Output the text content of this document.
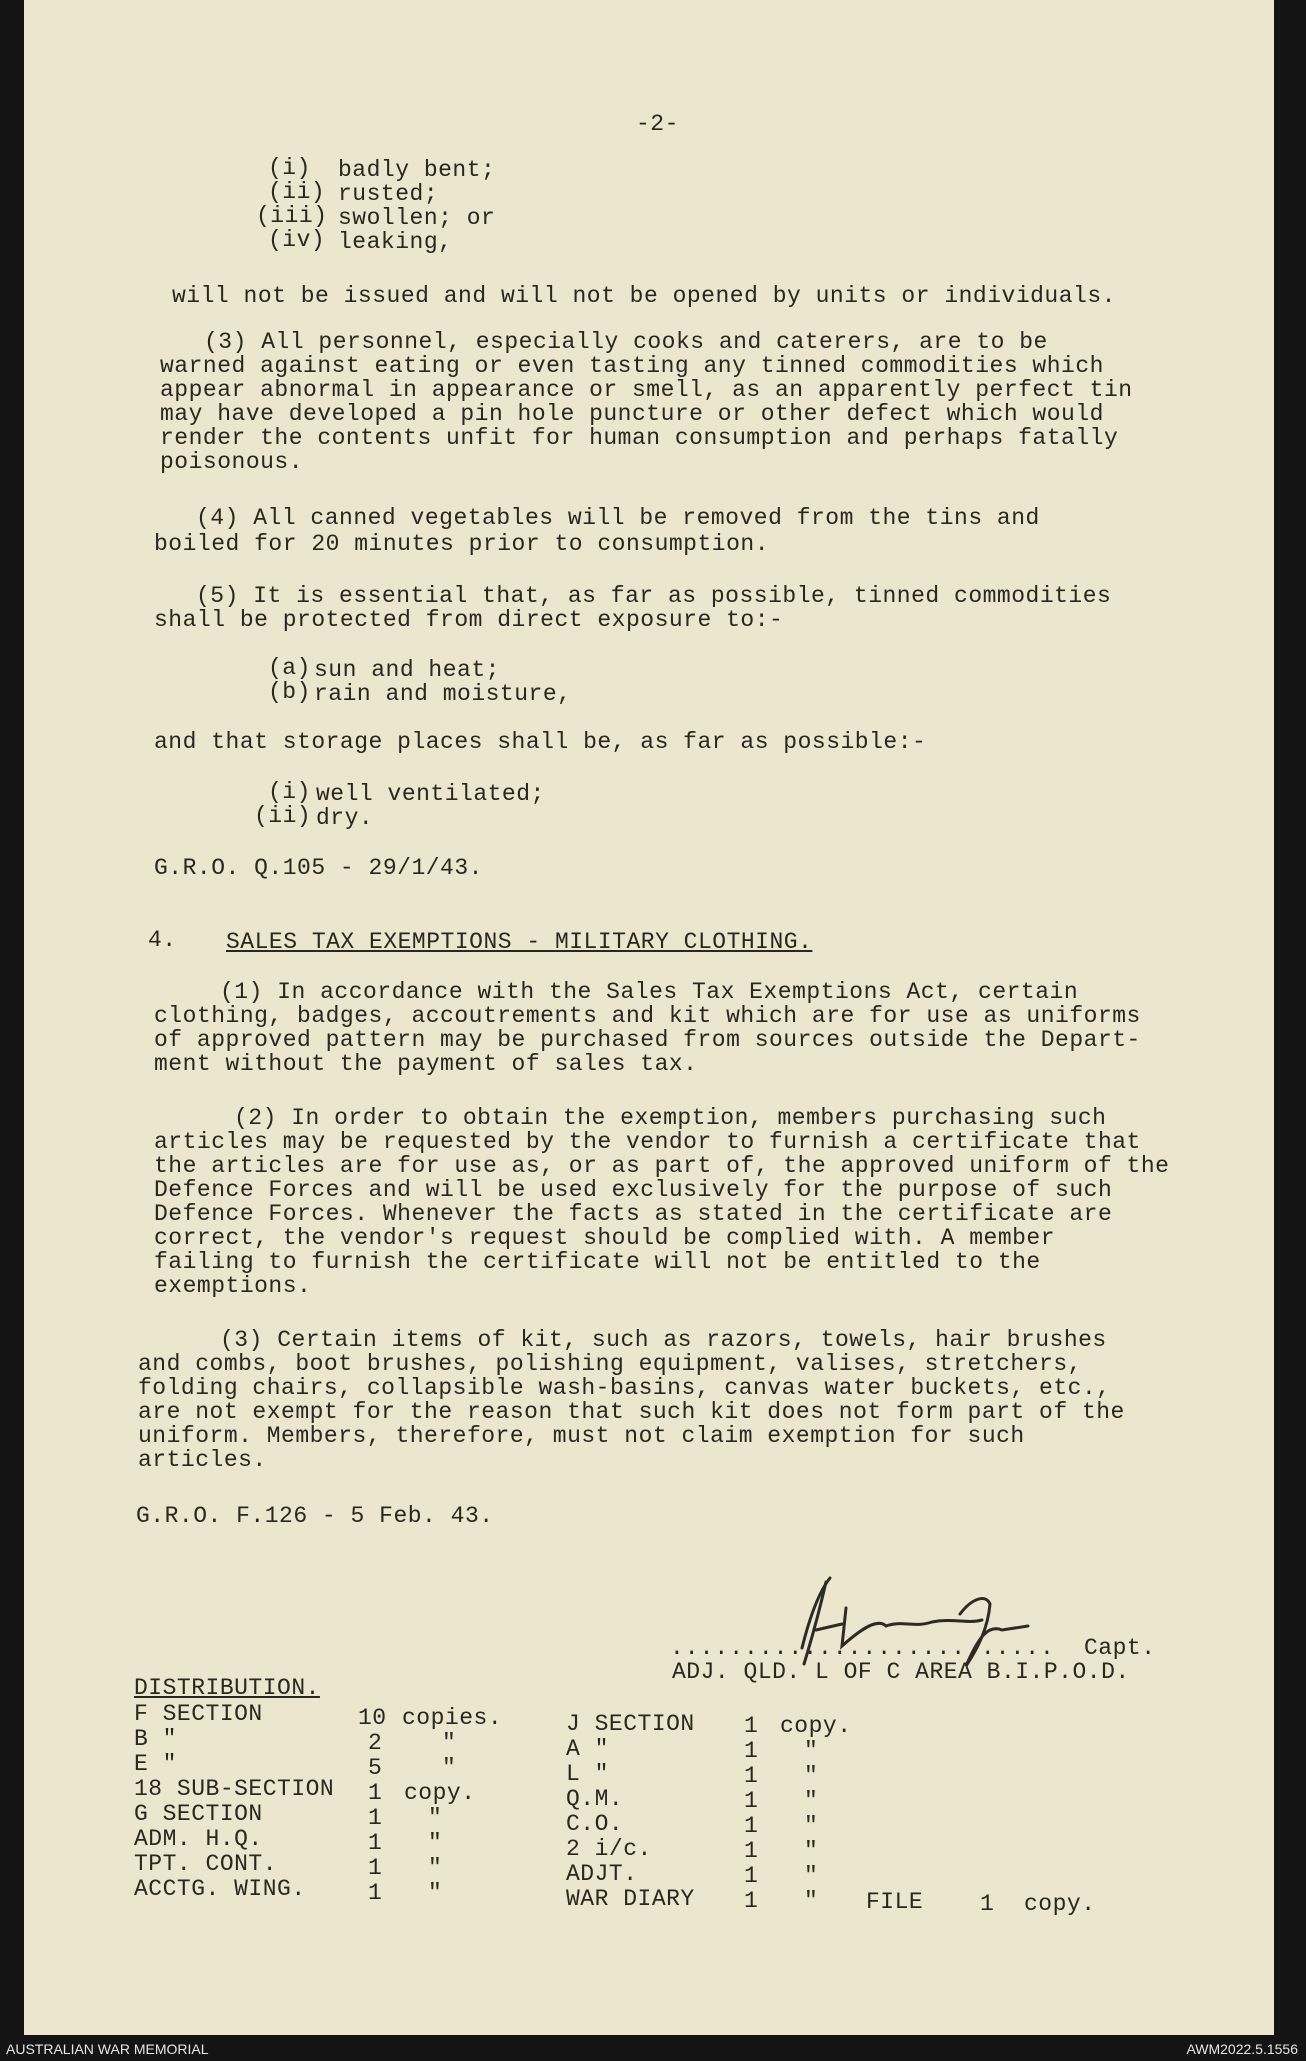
-2-
(i) badly bent;
(ii) rusted;
(iii) swollen; or
(iv) leaking,
will not be issued and will not be opened by units or individuals.
(3) All personnel, especially cooks and caterers, are to be
warned against eating or even tasting any tinned commodities which
appear abnormal in appearance or smell, as an apparently perfect tin
may have developed a pin hole puncture or other defect which would
render the contents unfit for human consumption and perhaps fatally
poisonous.
(4) All canned vegetables will be removed from the tins and
boiled for 20 minutes prior to consumption.
(5) It is essential that, as far as possible, tinned commodities
shall be protected from direct exposure to:-
(a) sun and heat;
(b) rain and moisture,
and that storage places shall be, as far as possible:-
(i) well ventilated;
(ii) dry.
G.R.O. Q.105 - 29/1/43.
4. SALES TAX EXEMPTIONS - MILITARY CLOTHING.
(1) In accordance with the Sales Tax Exemptions Act, certain
clothing, badges, accoutrements and kit which are for use as uniforms
of approved pattern may be purchased from sources outside the Depart-
ment without the payment of sales tax.
(2) In order to obtain the exemption, members purchasing such
articles may be requested by the vendor to furnish a certificate that
the articles are for use as, or as part of, the approved uniform of the
Defence Forces and will be used exclusively for the purpose of such
Defence Forces. Whenever the facts as stated in the certificate are
correct, the vendor's request should be complied with. A member
failing to furnish the certificate will not be entitled to the
exemptions.
(3) Certain items of kit, such as razors, towels, hair brushes
and combs, boot brushes, polishing equipment, valises, stretchers,
folding chairs, collapsible wash-basins, canvas water buckets, etc.,
are not exempt for the reason that such kit does not form part of the
uniform. Members, therefore, must not claim exemption for such
articles.
G.R.O. F.126 - 5 Feb. 43.
.......................... Capt.
ADJ. QLD. L OF C AREA B.I.P.O.D.
DISTRIBUTION.
F SECTION	10 copies.
B "	2	"
E "	5	"
18 SUB-SECTION 1 copy.
G SECTION	1 "
ADM. H.Q.	1 "
TPT. CONT.	1 "
ACCTG. WING.	1 "
J SECTION 1 copy.
A "	1 "
L "	1 "
Q.M.	1 "
C.O.	1 "
2 i/c.	1 "
ADJT.	1 "
WAR DIARY 1 " FILE 1 copy.
AUSTRALIAN WAR MEMORIAL	AWM2022.5.1556
